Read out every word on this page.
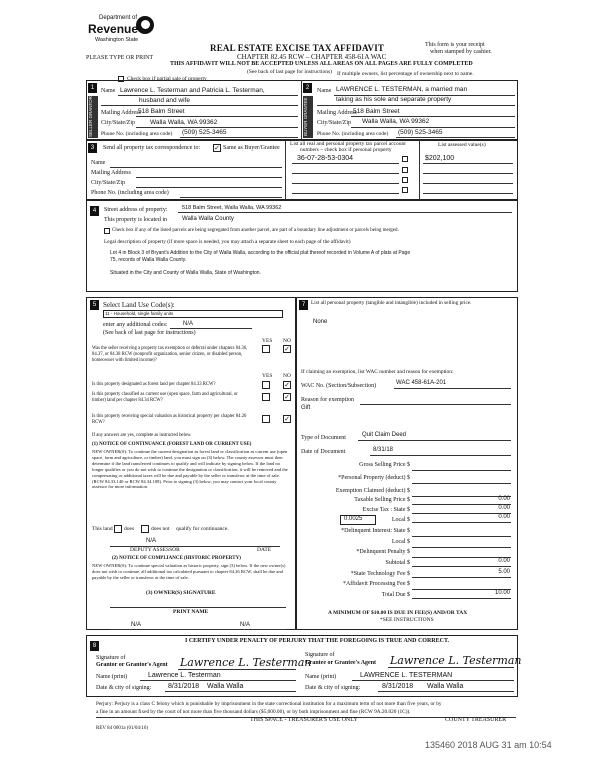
Department of
Revenue
Washington State
REAL ESTATE EXCISE TAX AFFIDAVIT
CHAPTER 82.45 RCW – CHAPTER 458-61A WAC
THIS AFFIDAVIT WILL NOT BE ACCEPTED UNLESS ALL AREAS ON ALL PAGES ARE FULLY COMPLETED
(See back of last page for instructions)
PLEASE TYPE OR PRINT
This form is your receipt
when stamped by cashier.
Check box if partial sale of property
If multiple owners, list percentage of ownership next to name.
1
SELLER GRANTOR
Name Lawrence L. Testerman and Patricia L. Testerman,
husband and wife
Mailing Address
518 Balm Street
City/State/Zip Walla Walla, WA 99362
Phone No. (including area code) (509) 525-3465
2
BUYER GRANTEE
Name LAWRENCE L. TESTERMAN, a married man
taking as his sole and separate property
Mailing Address
518 Balm Street
City/State/Zip Walla Walla, WA 99362
Phone No. (including area code) (509) 525-3465
3	Send all property tax correspondence to: ✓ Same as Buyer/Grantee
Name
Mailing Address
City/State/Zip
Phone No. (including area code)
List all real and personal property tax parcel account
numbers – check box if personal property
List assessed value(s)
36-07-28-53-0304	$202,100
4	Street address of property:	518 Balm Street, Walla Walla, WA 99362
This property is located in	Walla Walla County
Check box if any of the listed parcels are being segregated from another parcel, are part of a boundary line adjustment or parcels being merged.
Legal description of property (if more space is needed, you may attach a separate sheet to each page of the affidavit)
Lot 4 in Block 3 of Bryant's Addition to the City of Walla Walla, according to the official plat thereof recorded in Volume A of plats at Page
75, records of Walla Walla County.
Situated in the City and County of Walla Walla, State of Washington.
5 Select Land Use Code(s):
11 - Household, single family units
enter any additional codes:	N/A
(See back of last page for instructions)
YES NO
Was the seller receiving a property tax exemption or deferral under chapters 84.36, 84.37, or 84.38 RCW (nonprofit organization, senior citizen, or disabled person, homeowner with limited income)?
✓
YES NO
Is this property designated as forest land per chapter 84.33 RCW?	✓
Is this property classified as current use (open space, farm and agricultural, or timber) land per chapter 84.34 RCW?	✓
Is this property receiving special valuation as historical property per chapter 84.26 RCW?	✓
If any answers are yes, complete as instructed below.
(1) NOTICE OF CONTINUANCE (FOREST LAND OR CURRENT USE)
NEW OWNER(S): To continue the current designation as forest land or classification as current use (open space, farm and agriculture, or timber) land, you must sign on (3) below. The county assessor must then determine if the land transferred continues to qualify and will indicate by signing below. If the land no longer qualifies or you do not wish to continue the designation or classification, it will be removed and the compensating or additional taxes will be due and payable by the seller or transferor at the time of sale. (RCW 84.33.140 or RCW 84.34.108). Prior to signing (3) below, you may contact your local county assessor for more information.
This land does	does not qualify for continuance.
N/A
DEPUTY ASSESSOR	DATE
(2) NOTICE OF COMPLIANCE (HISTORIC PROPERTY)
NEW OWNER(S): To continue special valuation as historic property, sign (3) below. If the new owner(s) does not wish to continue, all additional tax calculated pursuant to chapter 84.26 RCW, shall be due and payable by the seller or transferor at the time of sale.
(3) OWNER(S) SIGNATURE
PRINT NAME
N/A	N/A
7	List all personal property (tangible and intangible) included in selling price.
None
If claiming an exemption, list WAC number and reason for exemption:
WAC No. (Section/Subsection)	WAC 458-61A-201
Reason for exemption
Gift
Type of Document	Quit Claim Deed
Date of Document	8/31/18
Gross Selling Price $
*Personal Property (deduct) $
Exemption Claimed (deduct) $
Taxable Selling Price $	0.00
Excise Tax : State $	0.00
0.0025	Local $	0.00
*Delinquent Interest: State $
Local $
*Delinquent Penalty $
Subtotal $	0.00
*State Technology Fee $	5.00
*Affidavit Processing Fee $
Total Due $	10.00
A MINIMUM OF $10.00 IS DUE IN FEE(S) AND/OR TAX
*SEE INSTRUCTIONS
8
I CERTIFY UNDER PENALTY OF PERJURY THAT THE FOREGOING IS TRUE AND CORRECT.
Signature of
Grantor or Grantor's Agent Lawrence L. Testerman
Name (print)	Lawrence L. Testerman
Date & city of signing: 8/31/2018 Walla Walla
Signature of
Grantee or Grantee's Agent Lawrence L. Testerman
Name (print)	LAWRENCE L. TESTERMAN
Date & city of signing:	8/31/2018 Walla Walla
Perjury: Perjury is a class C felony which is punishable by imprisonment in the state correctional institution for a maximum term of not more than five years, or by
a fine in an amount fixed by the court of not more than five thousand dollars ($5,000.00), or by both imprisonment and fine (RCW 9A.20.020 (1C)).
THIS SPACE - TREASURER'S USE ONLY	COUNTY TREASURER
REV 84 0001a (01/04/16)
135460 2018 AUG 31 am 10:54
